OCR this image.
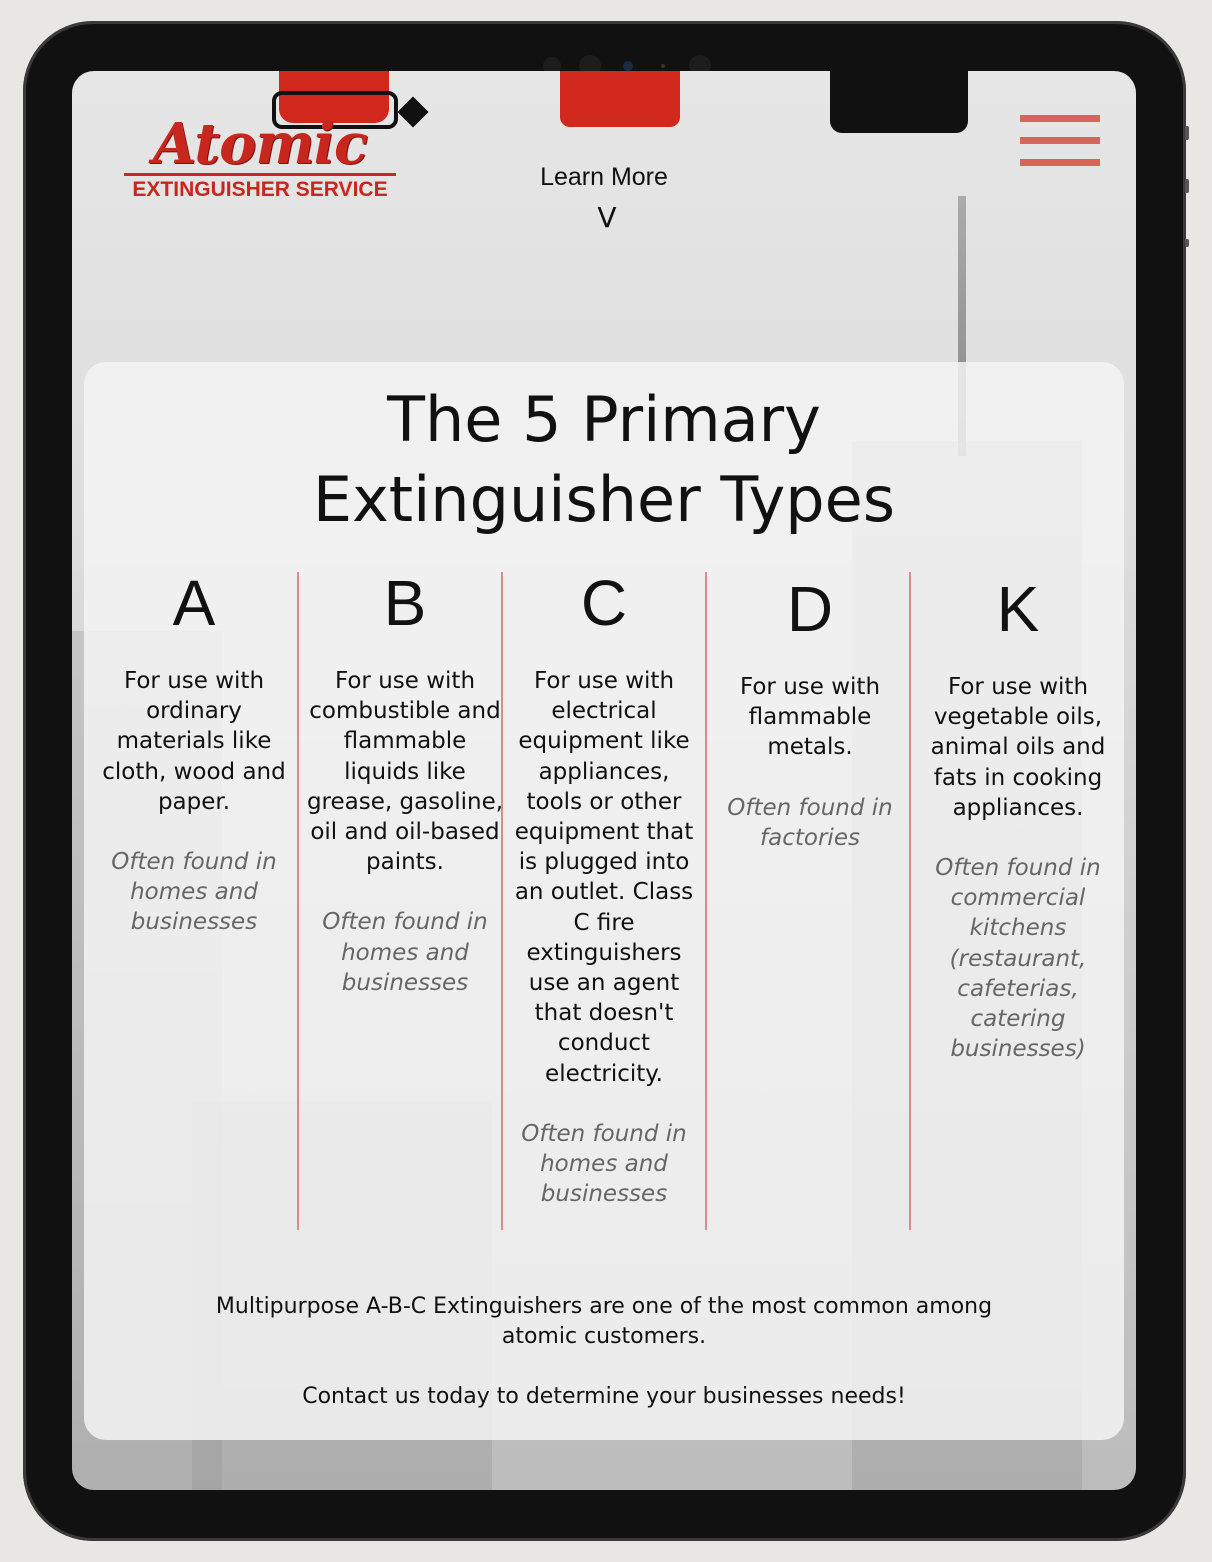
Atomic
EXTINGUISHER SERVICE	Learn More
V
The 5 Primary
Extinguisher Types
A
For use with ordinary materials like cloth, wood and paper.
Often found in homes and businesses
B
For use with combustible and flammable liquids like grease, gasoline, oil and oil-based paints.
Often found in homes and businesses
C
For use with electrical equipment like appliances, tools or other equipment that is plugged into an outlet. Class C fire extinguishers use an agent that doesn't conduct electricity.
Often found in homes and businesses
D
For use with flammable metals.
Often found in factories
K
For use with vegetable oils, animal oils and fats in cooking appliances.
Often found in commercial kitchens (restaurant, cafeterias, catering businesses)

Multipurpose A-B-C Extinguishers are one of the most common among atomic customers.

Contact us today to determine your businesses needs!
